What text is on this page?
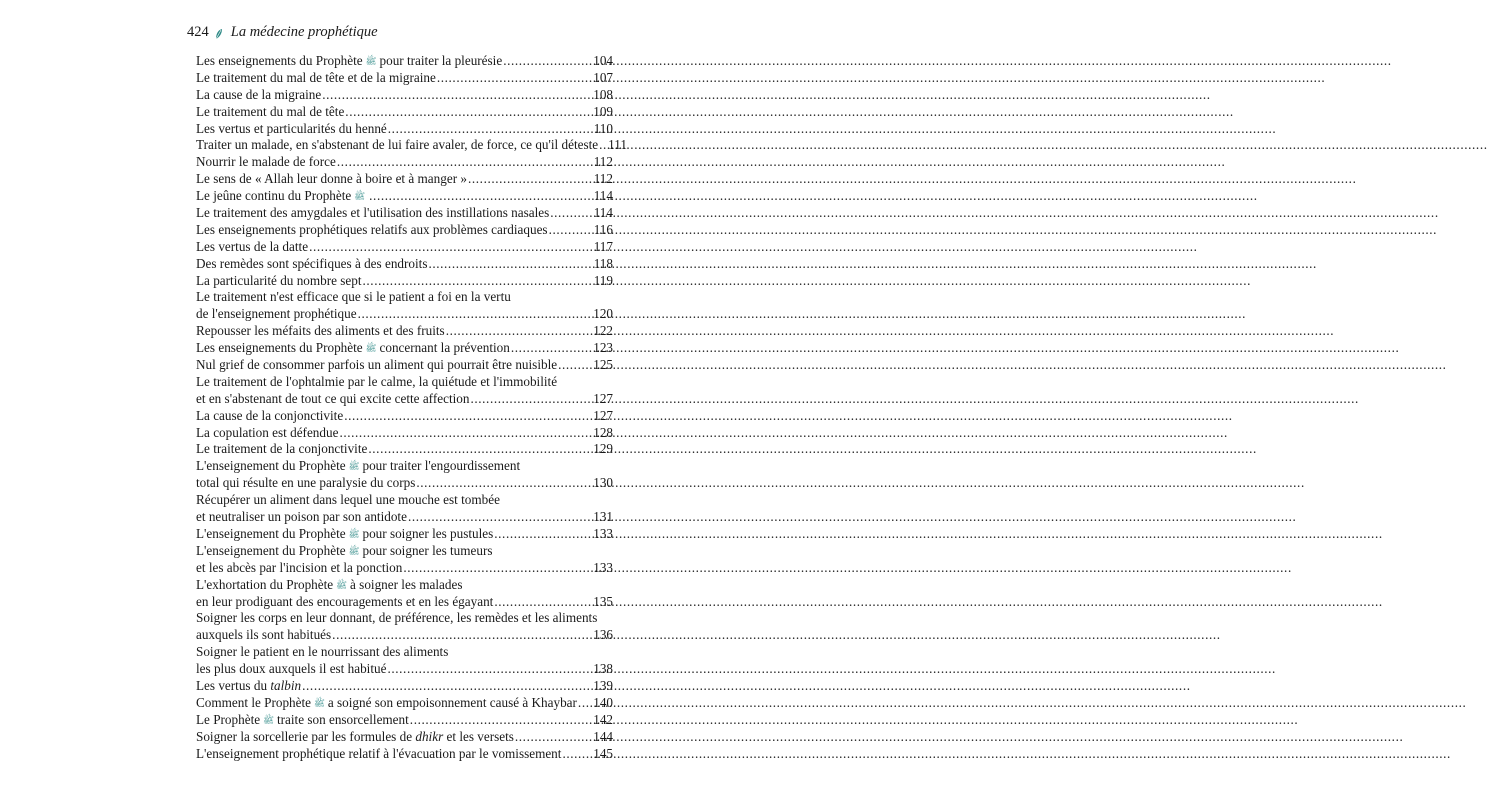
424 La médecine prophétique
Les enseignements du Prophète ﷺ pour traiter la pleurésie .....	104
Le traitement du mal de tête et de la migraine .....	107
La cause de la migraine .....	108
Le traitement du mal de tête .....	109
Les vertus et particularités du henné .....	110
Traiter un malade, en s'abstenant de lui faire avaler, de force, ce qu'il déteste ..... 111
Nourrir le malade de force .....	112
Le sens de « Allah leur donne à boire et à manger » .....	112
Le jeûne continu du Prophète ﷺ .....	114
Le traitement des amygdales et l'utilisation des instillations nasales .....	114
Les enseignements prophétiques relatifs aux problèmes cardiaques .....	116
Les vertus de la datte .....	117
Des remèdes sont spécifiques à des endroits .....	118
La particularité du nombre sept .....	119
Le traitement n'est efficace que si le patient a foi en la vertu
de l'enseignement prophétique .....	120
Repousser les méfaits des aliments et des fruits .....	122
Les enseignements du Prophète ﷺ concernant la prévention .....	123
Nul grief de consommer parfois un aliment qui pourrait être nuisible .....	125
Le traitement de l'ophtalmie par le calme, la quiétude et l'immobilité
et en s'abstenant de tout ce qui excite cette affection .....	127
La cause de la conjonctivite .....	127
La copulation est défendue .....	128
Le traitement de la conjonctivite .....	129
L'enseignement du Prophète ﷺ pour traiter l'engourdissement
total qui résulte en une paralysie du corps .....	130
Récupérer un aliment dans lequel une mouche est tombée
et neutraliser un poison par son antidote .....	131
L'enseignement du Prophète ﷺ pour soigner les pustules .....	133
L'enseignement du Prophète ﷺ pour soigner les tumeurs
et les abcès par l'incision et la ponction .....	133
L'exhortation du Prophète ﷺ à soigner les malades
en leur prodiguant des encouragements et en les égayant .....	135
Soigner les corps en leur donnant, de préférence, les remèdes et les aliments
auxquels ils sont habitués .....	136
Soigner le patient en le nourrissant des aliments
les plus doux auxquels il est habitué .....	138
Les vertus du talbin .....	139
Comment le Prophète ﷺ a soigné son empoisonnement causé à Khaybar ..... 140
Le Prophète ﷺ traite son ensorcellement .....	142
Soigner la sorcellerie par les formules de dhikr et les versets .....	144
L'enseignement prophétique relatif à l'évacuation par le vomissement ..... 145
